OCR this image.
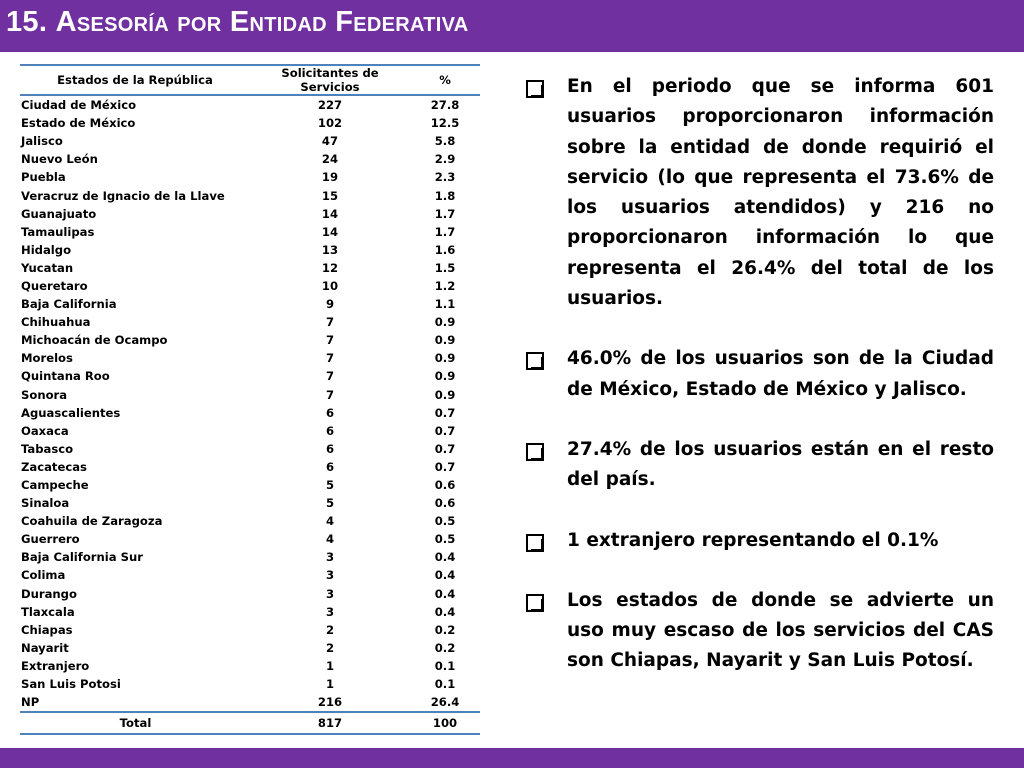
15. Asesoría por Entidad Federativa
Estados de la República	Solicitantes de Servicios	%
Ciudad de México	227	27.8
Estado de México	102	12.5
Jalisco	47	5.8
Nuevo León	24	2.9
Puebla	19	2.3
Veracruz de Ignacio de la Llave	15	1.8
Guanajuato	14	1.7
Tamaulipas	14	1.7
Hidalgo	13	1.6
Yucatan	12	1.5
Queretaro	10	1.2
Baja California	9	1.1
Chihuahua	7	0.9
Michoacán de Ocampo	7	0.9
Morelos	7	0.9
Quintana Roo	7	0.9
Sonora	7	0.9
Aguascalientes	6	0.7
Oaxaca	6	0.7
Tabasco	6	0.7
Zacatecas	6	0.7
Campeche	5	0.6
Sinaloa	5	0.6
Coahuila de Zaragoza	4	0.5
Guerrero	4	0.5
Baja California Sur	3	0.4
Colima	3	0.4
Durango	3	0.4
Tlaxcala	3	0.4
Chiapas	2	0.2
Nayarit	2	0.2
Extranjero	1	0.1
San Luis Potosi	1	0.1
NP	216	26.4
Total	817	100
En el periodo que se informa 601 usuarios proporcionaron información sobre la entidad de donde requirió el servicio (lo que representa el 73.6% de los usuarios atendidos) y 216 no proporcionaron información lo que representa el 26.4% del total de los usuarios.
46.0% de los usuarios son de la Ciudad de México, Estado de México y Jalisco.
27.4% de los usuarios están en el resto del país.
1 extranjero representando el 0.1%
Los estados de donde se advierte un uso muy escaso de los servicios del CAS son Chiapas, Nayarit y San Luis Potosí.
